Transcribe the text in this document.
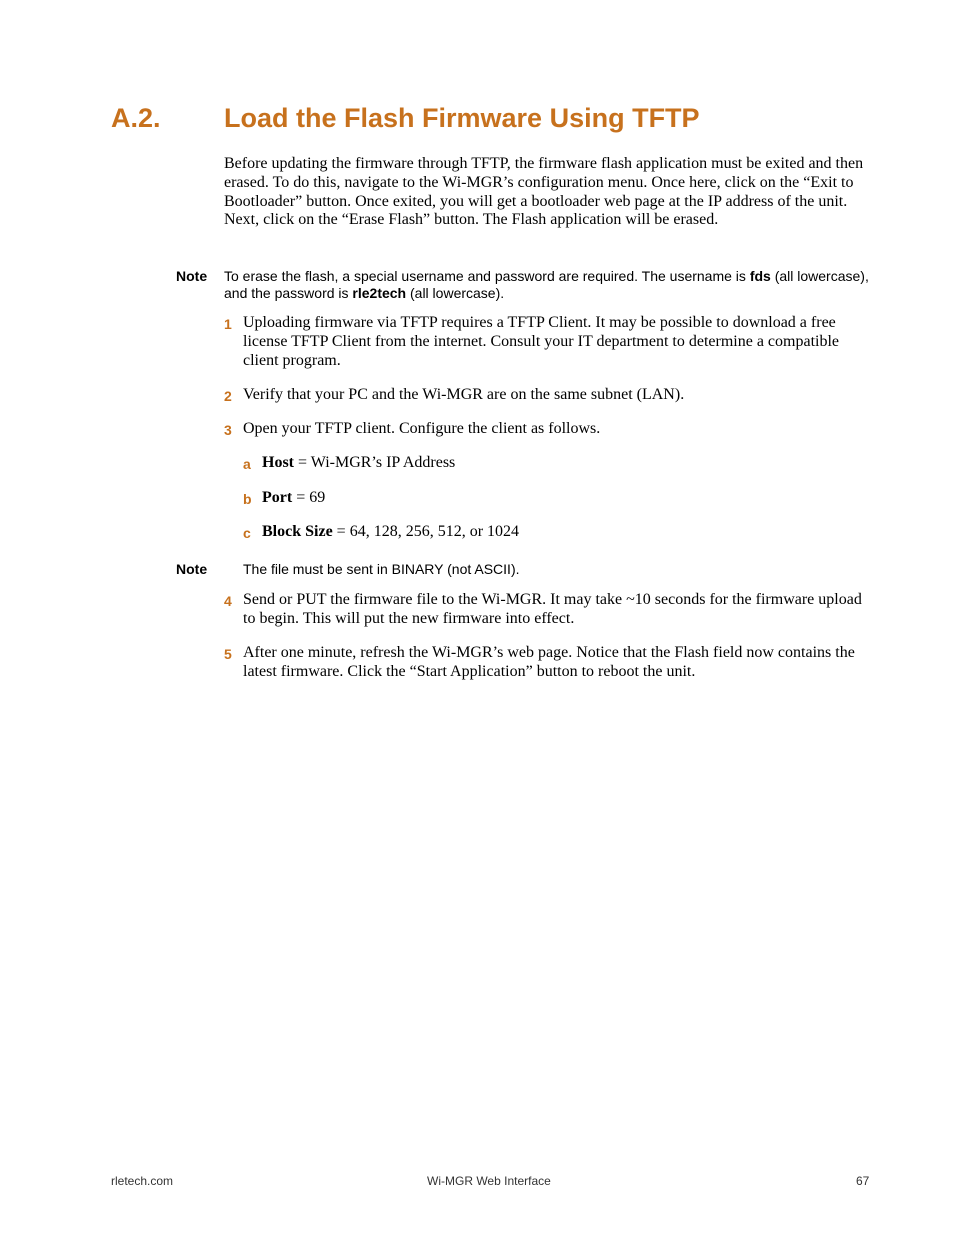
A.2. Load the Flash Firmware Using TFTP
Before updating the firmware through TFTP, the firmware flash application must be exited and then erased. To do this, navigate to the Wi-MGR’s configuration menu. Once here, click on the “Exit to Bootloader” button. Once exited, you will get a bootloader web page at the IP address of the unit. Next, click on the “Erase Flash” button. The Flash application will be erased.
Note To erase the flash, a special username and password are required. The username is fds (all lowercase), and the password is rle2tech (all lowercase).
1 Uploading firmware via TFTP requires a TFTP Client. It may be possible to download a free license TFTP Client from the internet. Consult your IT department to determine a compatible client program.
2 Verify that your PC and the Wi-MGR are on the same subnet (LAN).
3 Open your TFTP client. Configure the client as follows.
a Host = Wi-MGR’s IP Address
b Port = 69
c Block Size = 64, 128, 256, 512, or 1024
Note	The file must be sent in BINARY (not ASCII).
4 Send or PUT the firmware file to the Wi-MGR. It may take ~10 seconds for the firmware upload to begin. This will put the new firmware into effect.
5 After one minute, refresh the Wi-MGR’s web page. Notice that the Flash field now contains the latest firmware. Click the “Start Application” button to reboot the unit.
rletech.com	Wi-MGR Web Interface	67
